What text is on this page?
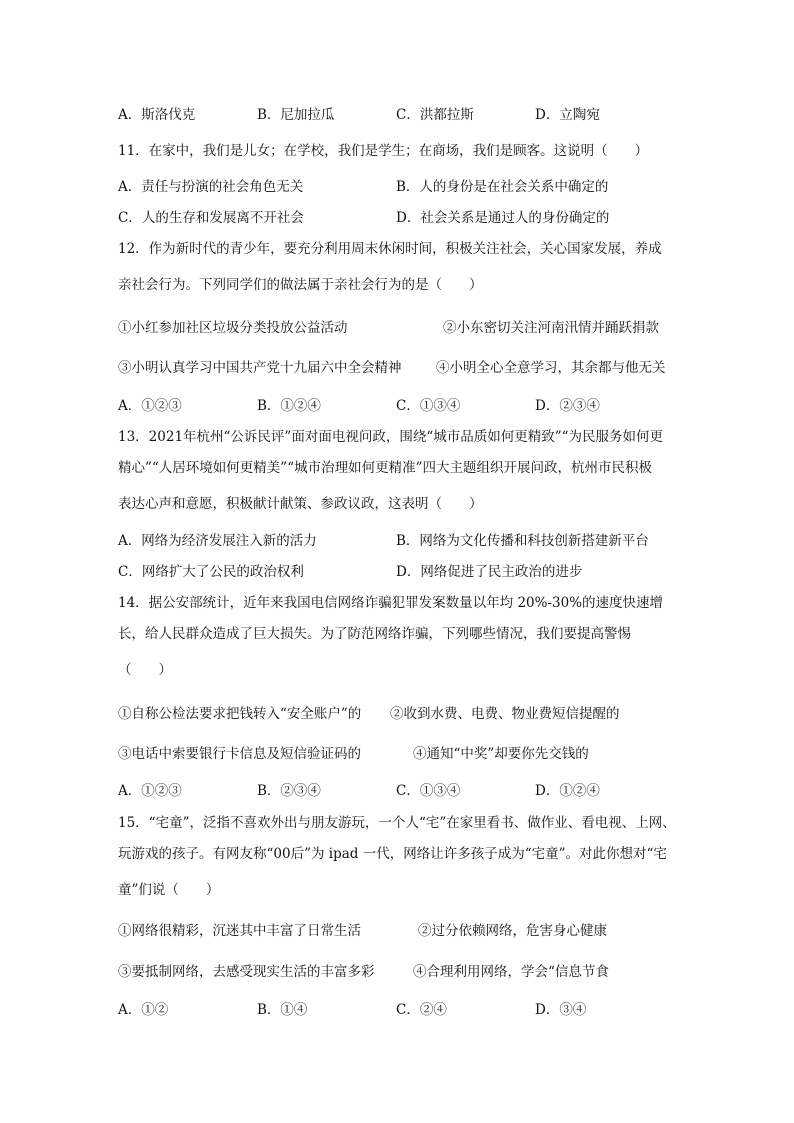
A．斯洛伐克	B．尼加拉瓜	C．洪都拉斯	D．立陶宛
11．在家中，我们是儿女；在学校，我们是学生；在商场，我们是顾客。这说明（　　）
A．责任与扮演的社会角色无关	B．人的身份是在社会关系中确定的
C．人的生存和发展离不开社会	D．社会关系是通过人的身份确定的
12．作为新时代的青少年，要充分利用周末休闲时间，积极关注社会，关心国家发展，养成
亲社会行为。下列同学们的做法属于亲社会行为的是（　　）
①小红参加社区垃圾分类投放公益活动	②小东密切关注河南汛情并踊跃捐款
③小明认真学习中国共产党十九届六中全会精神	④小明全心全意学习，其余都与他无关
A．①②③	B．①②④	C．①③④	D．②③④
13．2021年杭州“公诉民评”面对面电视问政，围绕“城市品质如何更精致”“为民服务如何更
精心”“人居环境如何更精美”“城市治理如何更精准”四大主题组织开展问政，杭州市民积极
表达心声和意愿，积极献计献策、参政议政，这表明（　　）
A．网络为经济发展注入新的活力	B．网络为文化传播和科技创新搭建新平台
C．网络扩大了公民的政治权利	D．网络促进了民主政治的进步
14．据公安部统计，近年来我国电信网络诈骗犯罪发案数量以年均 20%-30%的速度快速增
长，给人民群众造成了巨大损失。为了防范网络诈骗，下列哪些情况，我们要提高警惕
（　　）
①自称公检法要求把钱转入“安全账户”的 ②收到水费、电费、物业费短信提醒的
③电话中索要银行卡信息及短信验证码的	④通知“中奖”却要你先交钱的
A．①②③	B．②③④	C．①③④	D．①②④
15．“宅童”，泛指不喜欢外出与朋友游玩，一个人“宅”在家里看书、做作业、看电视、上网、
玩游戏的孩子。有网友称“00后”为 ipad 一代，网络让许多孩子成为“宅童”。对此你想对“宅
童”们说（　　）
①网络很精彩，沉迷其中丰富了日常生活	②过分依赖网络，危害身心健康
③要抵制网络，去感受现实生活的丰富多彩	④合理利用网络，学会“信息节食
A．①②	B．①④	C．②④	D．③④
